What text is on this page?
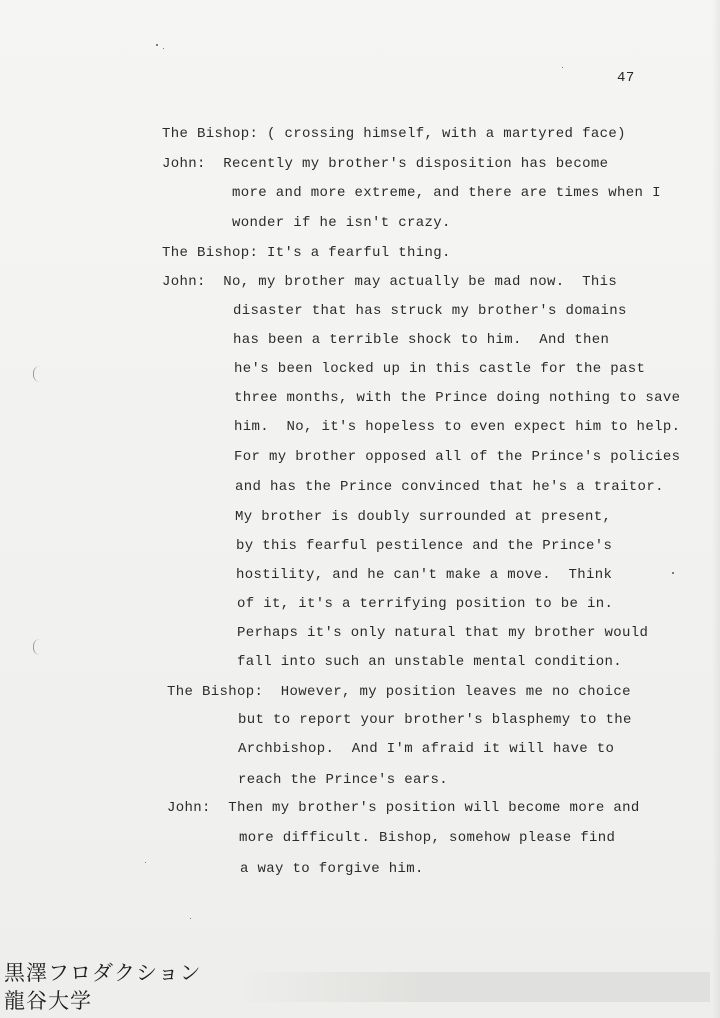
47
The Bishop: ( crossing himself, with a martyred face)
John:  Recently my brother's disposition has become
more and more extreme, and there are times when I
wonder if he isn't crazy.
The Bishop: It's a fearful thing.
John:  No, my brother may actually be mad now.  This
disaster that has struck my brother's domains
has been a terrible shock to him.  And then
he's been locked up in this castle for the past
three months, with the Prince doing nothing to save
him.  No, it's hopeless to even expect him to help.
For my brother opposed all of the Prince's policies
and has the Prince convinced that he's a traitor.
My brother is doubly surrounded at present,
by this fearful pestilence and the Prince's
hostility, and he can't make a move.  Think
of it, it's a terrifying position to be in.
Perhaps it's only natural that my brother would
fall into such an unstable mental condition.
The Bishop:  However, my position leaves me no choice
but to report your brother's blasphemy to the
Archbishop.  And I'm afraid it will have to
reach the Prince's ears.
John:  Then my brother's position will become more and
more difficult. Bishop, somehow please find
a way to forgive him.
黒澤フロダクション
龍谷大学
